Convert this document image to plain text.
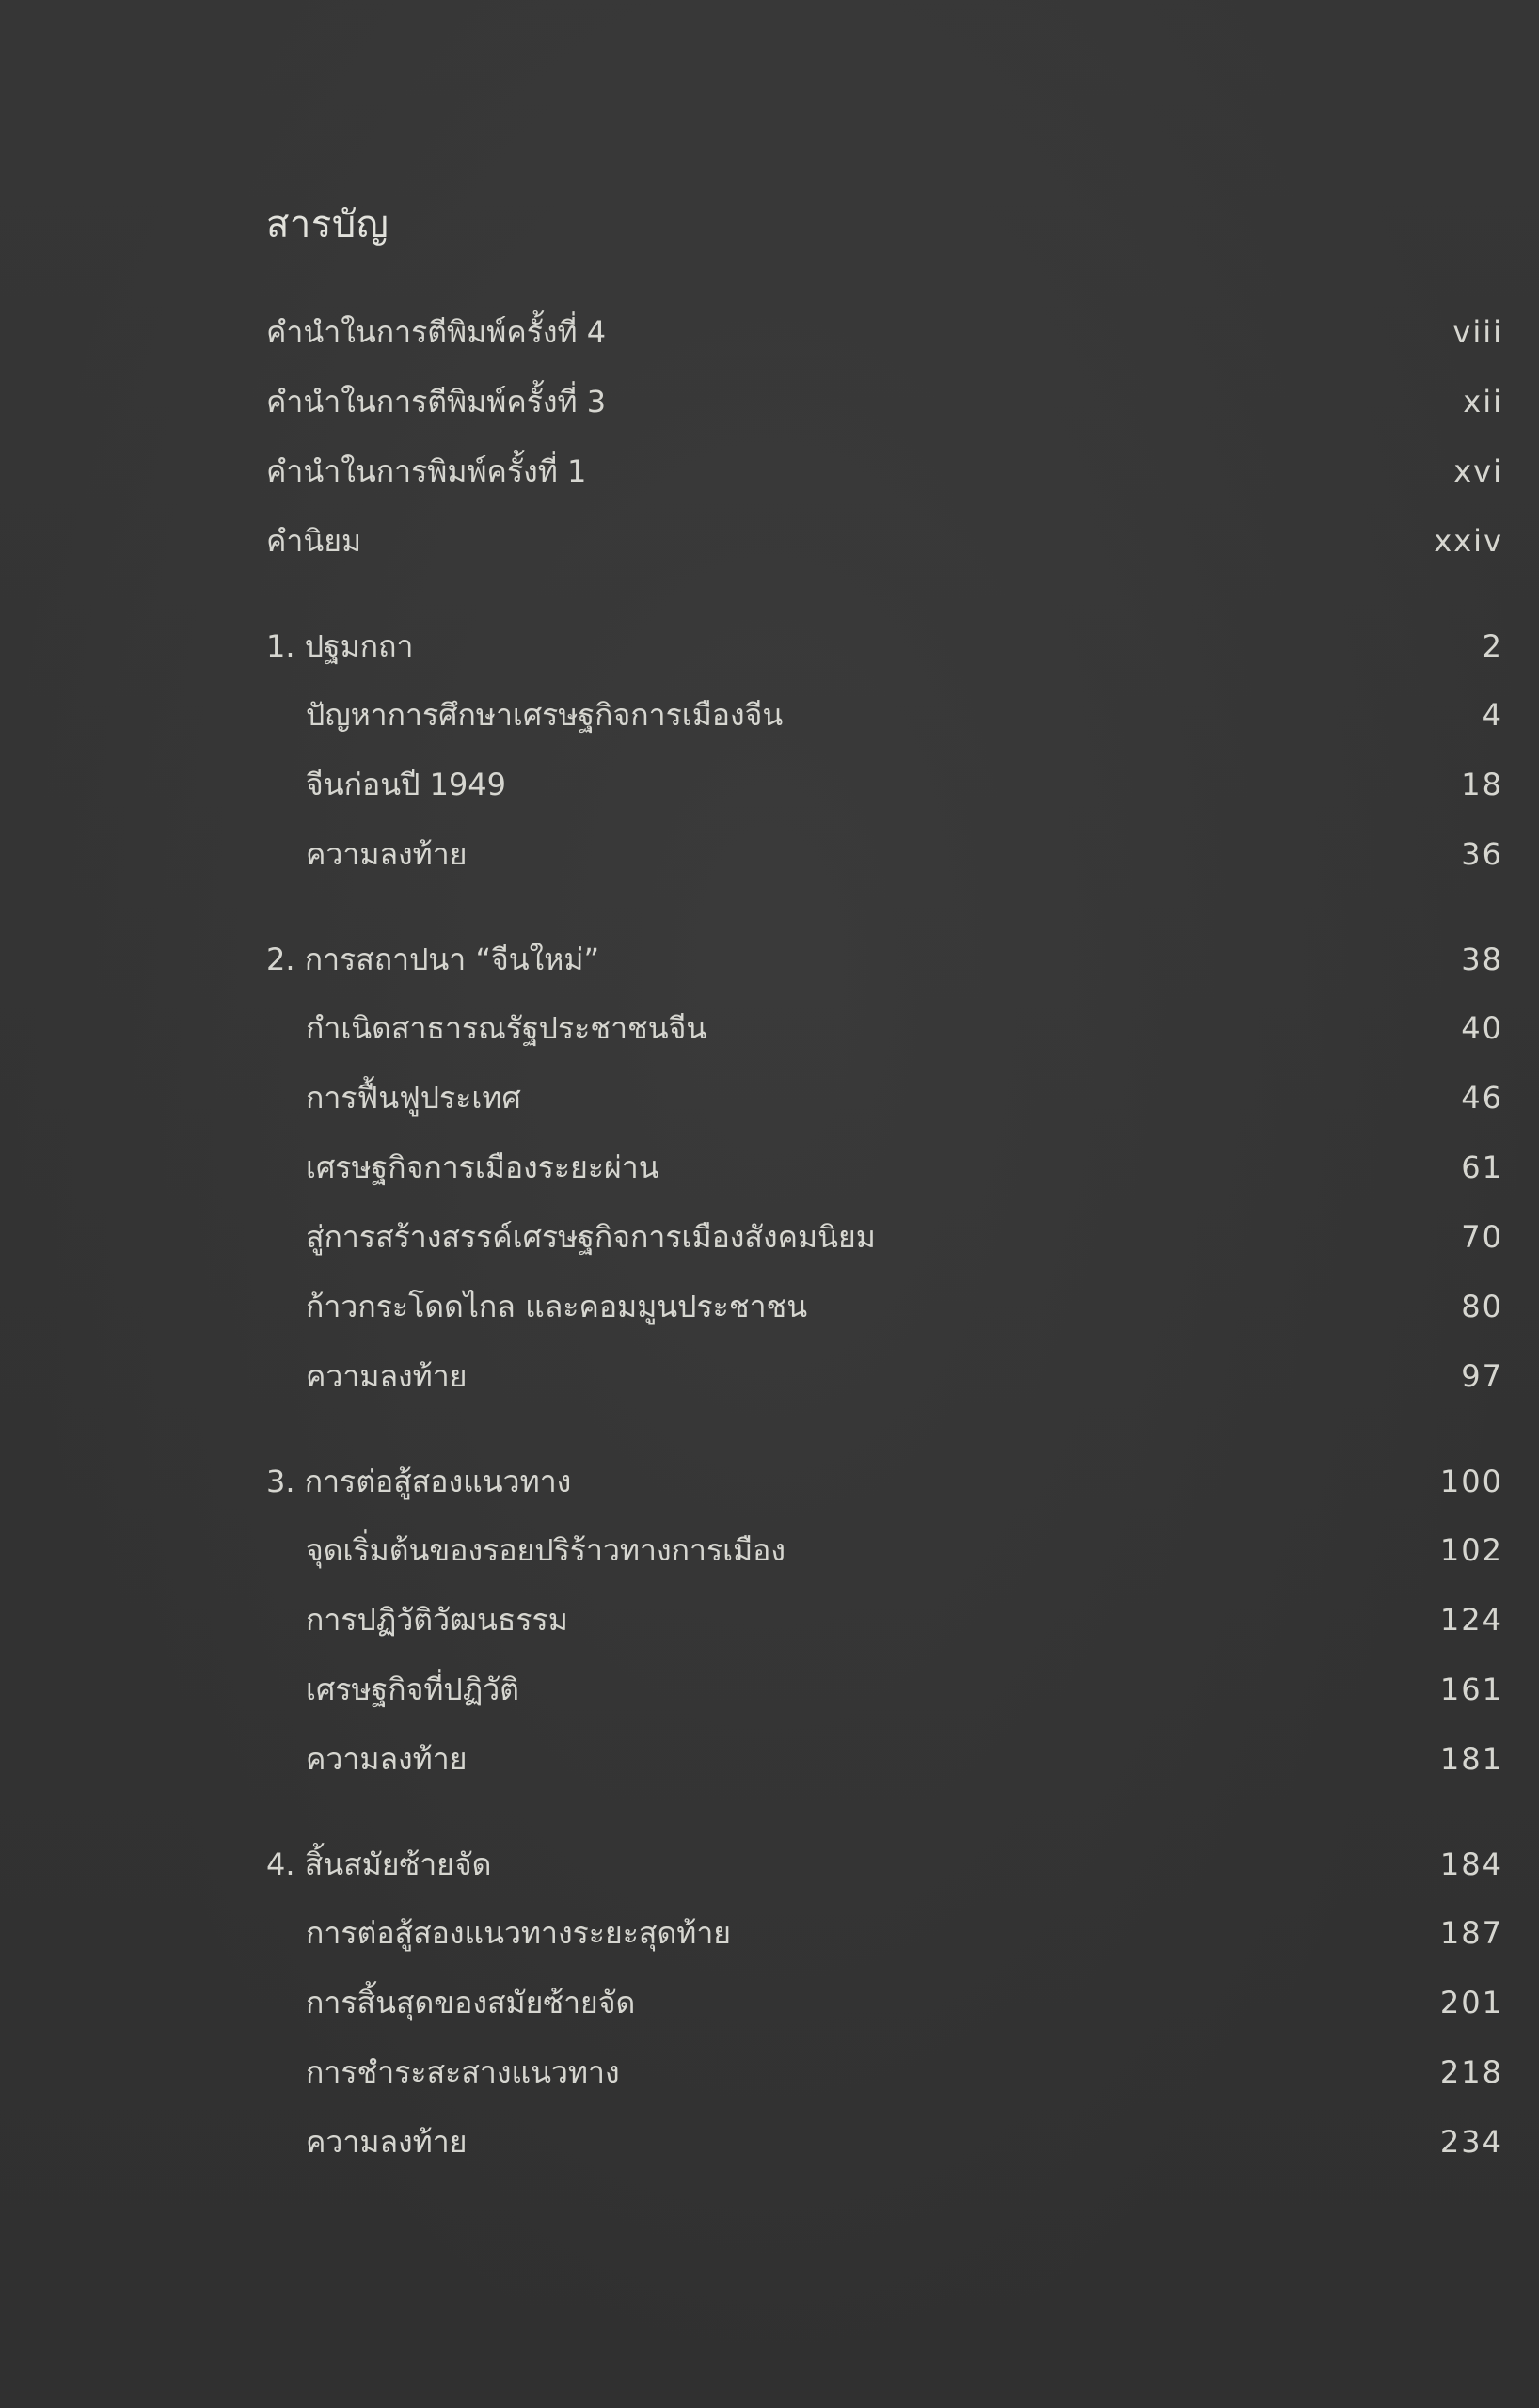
สารบัญ
คำนำในการตีพิมพ์ครั้งที่ 4	viii
คำนำในการตีพิมพ์ครั้งที่ 3	xii
คำนำในการพิมพ์ครั้งที่ 1	xvi
คำนิยม	xxiv
1. ปฐมกถา	2
ปัญหาการศึกษาเศรษฐกิจการเมืองจีน	4
จีนก่อนปี 1949	18
ความลงท้าย	36
2. การสถาปนา “จีนใหม่”	38
กำเนิดสาธารณรัฐประชาชนจีน	40
การฟื้นฟูประเทศ	46
เศรษฐกิจการเมืองระยะผ่าน	61
สู่การสร้างสรรค์เศรษฐกิจการเมืองสังคมนิยม	70
ก้าวกระโดดไกล และคอมมูนประชาชน	80
ความลงท้าย	97
3. การต่อสู้สองแนวทาง	100
จุดเริ่มต้นของรอยปริร้าวทางการเมือง	102
การปฏิวัติวัฒนธรรม	124
เศรษฐกิจที่ปฏิวัติ	161
ความลงท้าย	181
4. สิ้นสมัยซ้ายจัด	184
การต่อสู้สองแนวทางระยะสุดท้าย	187
การสิ้นสุดของสมัยซ้ายจัด	201
การชำระสะสางแนวทาง	218
ความลงท้าย	234
